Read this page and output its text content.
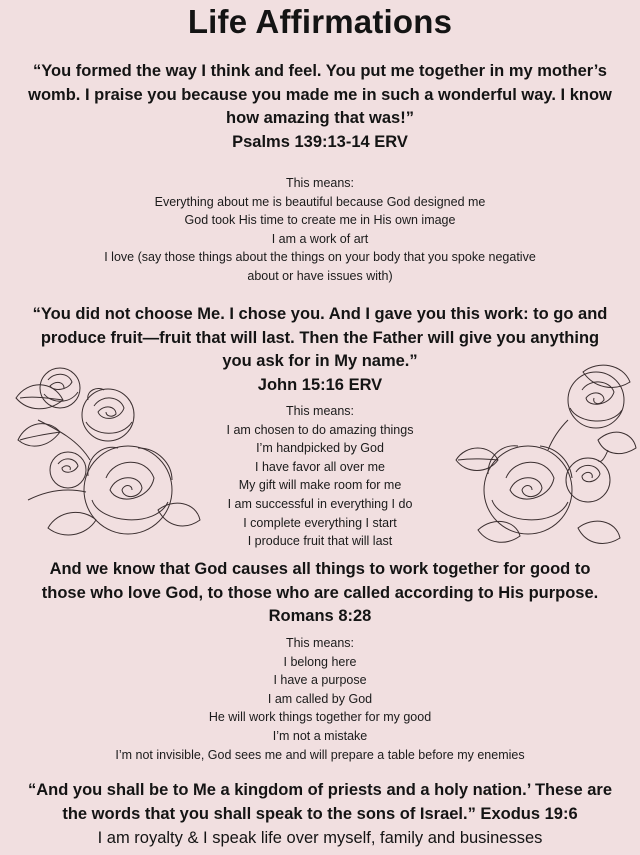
Life Affirmations
“You formed the way I think and feel. You put me together in my mother’s womb. I praise you because you made me in such a wonderful way. I know how amazing that was!”
Psalms 139:13-14 ERV
This means:
Everything about me is beautiful because God designed me
God took His time to create me in His own image
I am a work of art
I love (say those things about the things on your body that you spoke negative about or have issues with)
“You did not choose Me. I chose you. And I gave you this work: to go and produce fruit—fruit that will last. Then the Father will give you anything you ask for in My name.”
John 15:16 ERV
This means:
I am chosen to do amazing things
I’m handpicked by God
I have favor all over me
My gift will make room for me
I am successful in everything I do
I complete everything I start
I produce fruit that will last
And we know that God causes all things to work together for good to those who love God, to those who are called according to His purpose. Romans 8:28
This means:
I belong here
I have a purpose
I am called by God
He will work things together for my good
I’m not a mistake
I’m not invisible, God sees me and will prepare a table before my enemies
“And you shall be to Me a kingdom of priests and a holy nation.’ These are the words that you shall speak to the sons of Israel.” Exodus 19:6
I am royalty & I speak life over myself, family and businesses
